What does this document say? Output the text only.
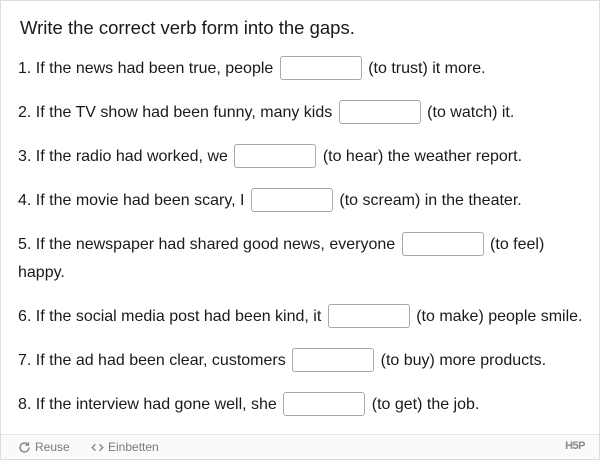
Write the correct verb form into the gaps.
1. If the news had been true, people	(to trust) it more.
2. If the TV show had been funny, many kids	(to watch) it.
3. If the radio had worked, we	(to hear) the weather report.
4. If the movie had been scary, I	(to scream) in the theater.
5. If the newspaper had shared good news, everyone	(to feel) happy.
6. If the social media post had been kind, it	(to make) people smile.
7. If the ad had been clear, customers	(to buy) more products.
8. If the interview had gone well, she	(to get) the job.
Reuse	Einbetten	H5P
